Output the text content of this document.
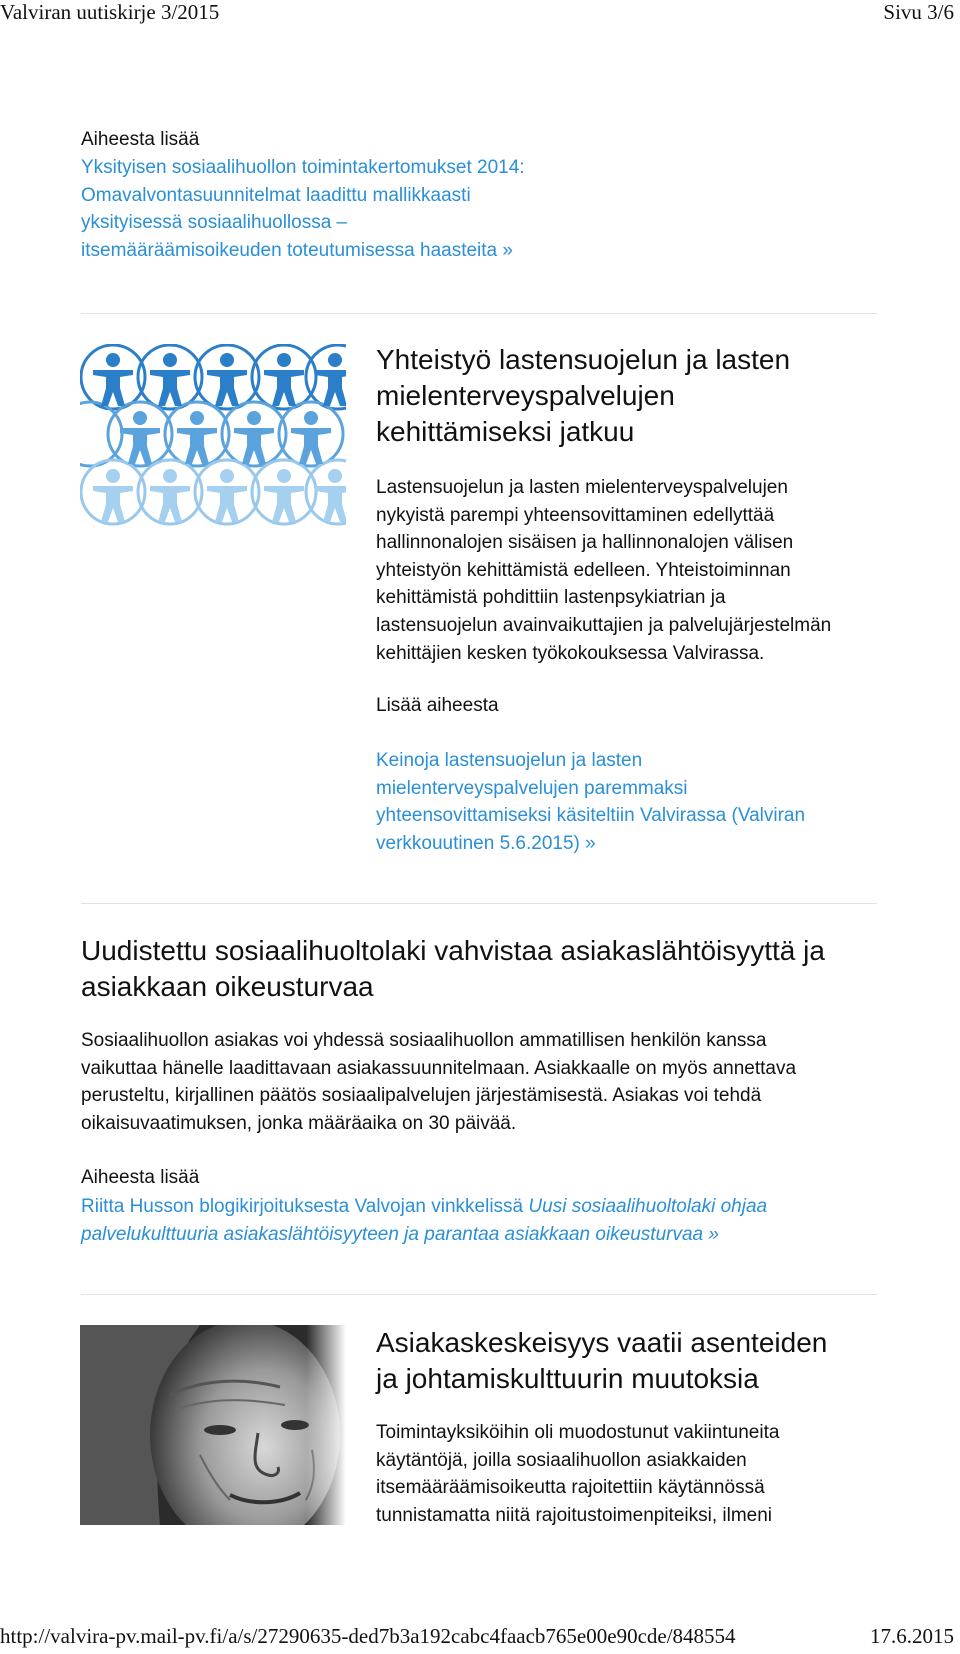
Valviran uutiskirje 3/2015	Sivu 3/6
Aiheesta lisää
Yksityisen sosiaalihuollon toimintakertomukset 2014:
Omavalvontasuunnitelmat laadittu mallikkaasti
yksityisessä sosiaalihuollossa –
itsemääräämisoikeuden toteutumisessa haasteita »
Yhteistyö lastensuojelun ja lasten
mielenterveyspalvelujen
kehittämiseksi jatkuu
Lastensuojelun ja lasten mielenterveyspalvelujen
nykyistä parempi yhteensovittaminen edellyttää
hallinnonalojen sisäisen ja hallinnonalojen välisen
yhteistyön kehittämistä edelleen. Yhteistoiminnan
kehittämistä pohdittiin lastenpsykiatrian ja
lastensuojelun avainvaikuttajien ja palvelujärjestelmän
kehittäjien kesken työkokouksessa Valvirassa.
Lisää aiheesta
Keinoja lastensuojelun ja lasten
mielenterveyspalvelujen paremmaksi
yhteensovittamiseksi käsiteltiin Valvirassa (Valviran
verkkouutinen 5.6.2015) »
Uudistettu sosiaalihuoltolaki vahvistaa asiakaslähtöisyyttä ja
asiakkaan oikeusturvaa
Sosiaalihuollon asiakas voi yhdessä sosiaalihuollon ammatillisen henkilön kanssa
vaikuttaa hänelle laadittavaan asiakassuunnitelmaan. Asiakkaalle on myös annettava
perusteltu, kirjallinen päätös sosiaalipalvelujen järjestämisestä. Asiakas voi tehdä
oikaisuvaatimuksen, jonka määräaika on 30 päivää.
Aiheesta lisää
Riitta Husson blogikirjoituksesta Valvojan vinkkelissä Uusi sosiaalihuoltolaki ohjaa
palvelukulttuuria asiakaslähtöisyyteen ja parantaa asiakkaan oikeusturvaa »
Asiakaskeskeisyys vaatii asenteiden
ja johtamiskulttuurin muutoksia
Toimintayksiköihin oli muodostunut vakiintuneita
käytäntöjä, joilla sosiaalihuollon asiakkaiden
itsemääräämisoikeutta rajoitettiin käytännössä
tunnistamatta niitä rajoitustoimenpiteiksi, ilmeni
http://valvira-pv.mail-pv.fi/a/s/27290635-ded7b3a192cabc4faacb765e00e90cde/848554	17.6.2015
